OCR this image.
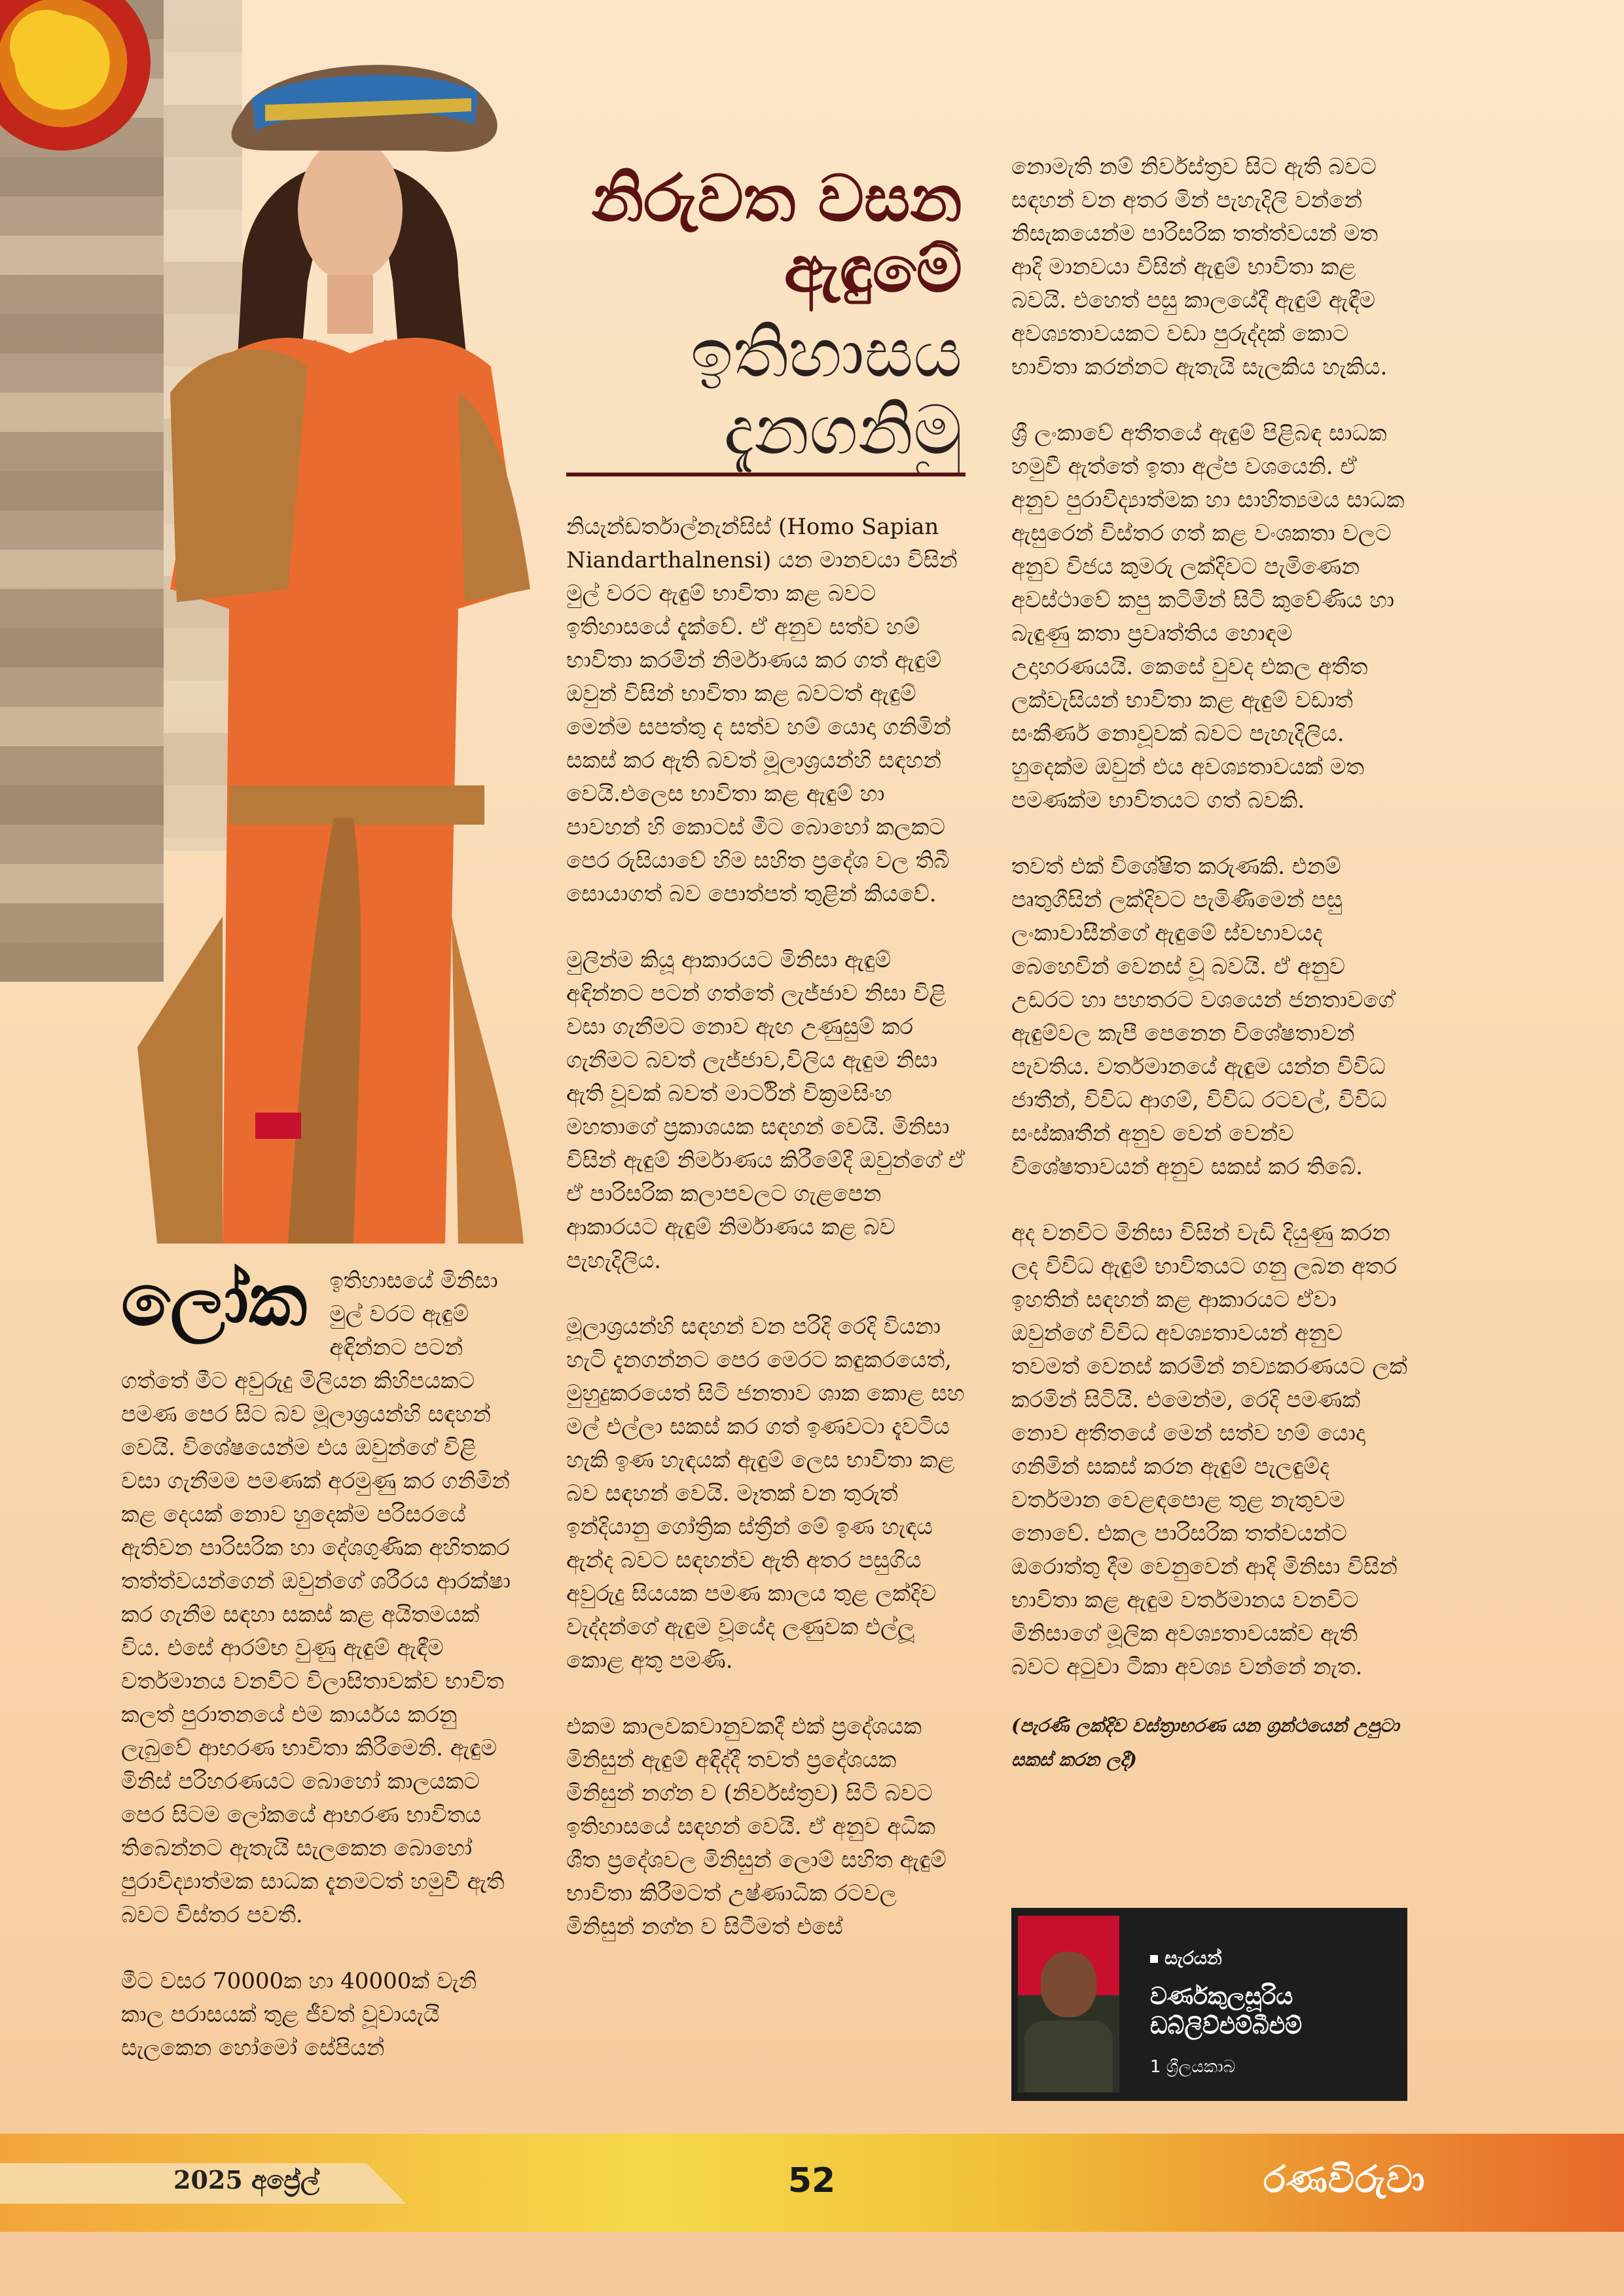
නිරුවත වසන

ඇඳුමේ

ඉතිහාසය

දැනගනිමු

ලෝක	ඉතිහාසයේ මිනිසා මුල් වරට ඇඳුම් අඳින්නට පටන් ගත්තේ මීට අවුරුදු මිලියන කිහිපයකට පමණ පෙර සිට බව මූලාශ්‍රයන්හි සඳහන් වෙයි. විශේෂයෙන්ම එය ඔවුන්ගේ විළි වසා ගැනීමම පමණක් අරමුණු කර ගනිමින් කළ දෙයක් නොව හුදෙක්ම පරිසරයේ ඇතිවන පාරිසරික හා දේශගුණික අහිතකර තත්ත්වයන්ගෙන් ඔවුන්ගේ ශරීරය ආරක්ෂා කර ගැනීම සඳහා සකස් කළ අයිතමයක් විය. එසේ ආරම්භ වුණු ඇඳුම් ඇඳීම වර්තමානය වනවිට විලාසිතාවක්ව භාවිත කලත් පුරාතනයේ එම කාර්යය කරනු ලැබුවේ ආභරණ භාවිතා කිරීමෙනි. ඇඳුම මිනිස් පරිහරණයට බොහෝ කාලයකට පෙර සිටම ලෝකයේ ආභරණ භාවිතය තිබෙන්නට ඇතැයි සැලකෙන බොහෝ පුරාවිද්‍යාත්මක සාධක දැනමටත් හමුවී ඇති බවට විස්තර පවතී.

මීට වසර 70000ක හා 40000ක් වැනි කාල පරාසයක් තුළ ජීවත් වූවායැයි සැලකෙන හෝමෝ සේපියන්

නියැන්ඩර්තාල්නැන්සිස් (Homo Sapian Niandarthalnensi) යන මානවයා විසින් මුල් වරට ඇඳුම් භාවිතා කළ බවට ඉතිහාසයේ දැක්වේ. ඒ අනුව සත්ව හම් භාවිතා කරමින් නිර්මාණය කර ගත් ඇඳුම් ඔවුන් විසින් භාවිතා කළ බවටත් ඇඳුම් මෙන්ම සපත්තු ද සත්ව හම් යොදා ගනිමින් සකස් කර ඇති බවත් මූලාශ්‍රයන්හි සඳහන් වෙයි.එලෙස භාවිතා කළ ඇඳුම් හා පාවහන් හි කොටස් මීට බොහෝ කලකට පෙර රුසියාවේ හිම සහිත ප්‍රදේශ වල තිබී සොයාගත් බව පොත්පත් තුළින් කියවේ.

මුලින්ම කියූ ආකාරයට මිනිසා ඇඳුම් අඳින්නට පටන් ගත්තේ ලැජ්ජාව නිසා විළි වසා ගැනීමට නොව ඇඟ උණුසුම් කර ගැනීමට බවත් ලැජ්ජාව,විලිය ඇඳුම නිසා ඇති වූවක් බවත් මාර්ටින් වික්‍රමසිංහ මහතාගේ ප්‍රකාශයක සඳහන් වෙයි. මිනිසා විසින් ඇඳුම් නිර්මාණය කිරීමේදී ඔවුන්ගේ ඒ ඒ පාරිසරික කලාපවලට ගැළපෙන ආකාරයට ඇඳුම් නිර්මාණය කළ බව පැහැදිලිය.

මූලාශ්‍රයන්හි සඳහන් වන පරිදි රෙදි වියනා හැටි දැනගන්නට පෙර මෙරට කඳුකරයෙත්, මුහුදුකරයෙත් සිටි ජනතාව ශාක කොළ සහ මල් එල්ලා සකස් කර ගත් ඉණවටා දැවටිය හැකි ඉණ හැඳයක් ඇඳුම් ලෙස භාවිතා කළ බව සඳහන් වෙයි. මෑතක් වන තුරුත් ඉන්දියානු ගෝත්‍රික ස්ත්‍රීන් මේ ඉණ හැඳය ඇන්ද බවට සඳහන්ව ඇති අතර පසුගිය අවුරුදු සියයක පමණ කාලය තුළ ලක්දිව වැද්දන්ගේ ඇඳුම වූයේද ලණුවක එල්ලූ කොළ අතු පමණි.

එකම කාලවකවානුවකදී එක් ප්‍රදේශයක මිනිසුන් ඇඳුම් අඳිද්දී තවත් ප්‍රදේශයක මිනිසුන් නග්න ව (නිර්වස්ත්‍රව) සිටි බවට ඉතිහාසයේ සඳහන් වෙයි. ඒ අනුව අධික ශීත ප්‍රදේශවල මිනිසුන් ලොම් සහිත ඇඳුම් භාවිතා කිරීමටත් උෂ්ණාධික රටවල මිනිසුන් නග්න ව සිටීමත් එසේ

නොමැති නම් නිර්වස්ත්‍රව සිට ඇති බවට සඳහන් වන අතර මින් පැහැදිලි වන්නේ නිසැකයෙන්ම පාරිසරික තත්ත්වයන් මත ආදි මානවයා විසින් ඇඳුම් භාවිතා කළ බවයි. එහෙත් පසු කාලයේදී ඇඳුම් ඇඳීම අවශ්‍යතාවයකට වඩා පුරුද්දක් කොට භාවිතා කරන්නට ඇතැයි සැලකිය හැකිය.

ශ්‍රී ලංකාවේ අතීතයේ ඇඳුම් පිළිබඳ සාධක හමුවී ඇත්තේ ඉතා අල්ප වශයෙනි. ඒ අනුව පුරාවිද්‍යාත්මක හා සාහිත්‍යමය සාධක ඇසුරෙන් විස්තර ගත් කළ වංශකතා වලට අනුව විජය කුමරු ලක්දිවට පැමිණෙන අවස්ථාවේ කපු කටිමින් සිටි කුවේණිය හා බැඳුණු කතා ප්‍රවෘත්තිය හොඳම උදාහරණයයි. කෙසේ වුවද එකල අතීත ලක්වැසියන් භාවිතා කළ ඇඳුම් වඩාත් සංකීර්ණ නොවූවක් බවට පැහැදිලිය. හුදෙක්ම ඔවුන් එය අවශ්‍යතාවයක් මත පමණක්ම භාවිතයට ගත් බවකි.

තවත් එක් විශේෂිත කරුණකි. එනම් පෘතුගීසින් ලක්දිවට පැමිණීමෙන් පසු ලංකාවාසීන්ගේ ඇඳුමේ ස්වභාවයද බෙහෙවින් වෙනස් වූ බවයි. ඒ අනුව උඩරට හා පහතරට වශයෙන් ජනතාවගේ ඇඳුම්වල කැපී පෙනෙන විශේෂතාවන් පැවතිය. වර්තමානයේ ඇඳුම යන්න විවිධ ජාතීන්, විවිධ ආගම්, විවිධ රටවල්, විවිධ සංස්කෘතීන් අනුව වෙන් වෙන්ව විශේෂතාවයන් අනුව සකස් කර තිබේ.

අද වනවිට මිනිසා විසින් වැඩි දියුණු කරන ලද විවිධ ඇඳුම් භාවිතයට ගනු ලබන අතර ඉහතින් සඳහන් කළ ආකාරයට ඒවා ඔවුන්ගේ විවිධ අවශ්‍යතාවයන් අනුව තවමත් වෙනස් කරමින් නව්‍යකරණයට ලක් කරමින් සිටියි. එමෙන්ම, රෙදි පමණක් නොව අතීතයේ මෙන් සත්ව හම් යොදා ගනිමින් සකස් කරන ඇඳුම් පැලඳුම්ද වර්තමාන වෙළඳපොළ තුළ නැතුවම නොවේ. එකල පාරිසරික තත්වයන්ට ඔරොත්තු දීම වෙනුවෙන් ආදි මිනිසා විසින් භාවිතා කළ ඇඳුම වර්තමානය වනවිට මිනිසාගේ මූලික අවශ්‍යතාවයක්ව ඇති බවට අටුවා ටීකා අවශ්‍ය වන්නේ නැත.

(පැරණි ලක්දිව වස්ත්‍රාභරණ යන ග්‍රන්ථයෙන් උපුටා සකස් කරන ලදී)

සැරයන්
වර්ණකුලසූරිය
ඩබ්ලිව්එම්බීඑම්
1 ශ්‍රීලයකාබ
2025 අප්‍රේල්	52	රණවිරුවා
